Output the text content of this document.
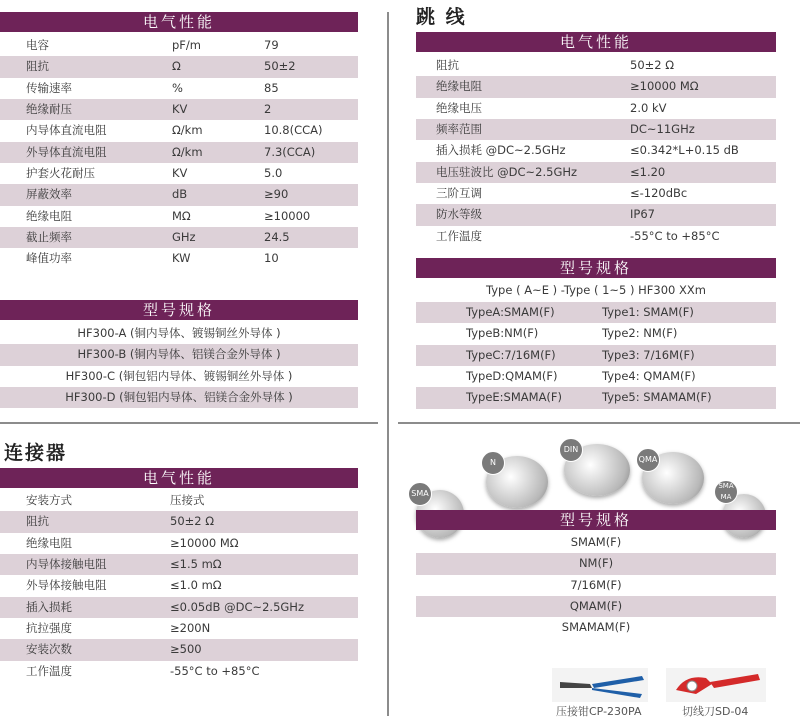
电气性能
电容	pF/m	79
阻抗	Ω	50±2
传输速率	%	85
绝缘耐压	KV	2
内导体直流电阻	Ω/km	10.8(CCA)
外导体直流电阻	Ω/km	7.3(CCA)
护套火花耐压	KV	5.0
屏蔽效率	dB	≥90
绝缘电阻	MΩ	≥10000
截止频率	GHz	24.5
峰值功率	KW	10
型号规格
HF300-A (铜内导体、镀锡铜丝外导体 )
HF300-B (铜内导体、铝镁合金外导体 )
HF300-C (铜包铝内导体、镀锡铜丝外导体 )
HF300-D (铜包铝内导体、铝镁合金外导体 )
跳 线
电气性能
阻抗	50±2 Ω
绝缘电阻	≥10000 MΩ
绝缘电压	2.0 kV
频率范围	DC~11GHz
插入损耗 @DC~2.5GHz	≤0.342*L+0.15 dB
电压驻波比 @DC~2.5GHz	≤1.20
三阶互调	≤-120dBc
防水等级	IP67
工作温度	-55°C to +85°C
型号规格
Type ( A~E ) -Type ( 1~5 ) HF300 XXm
TypeA:SMAM(F)	Type1: SMAM(F)
TypeB:NM(F)	Type2: NM(F)
TypeC:7/16M(F)	Type3: 7/16M(F)
TypeD:QMAM(F)	Type4: QMAM(F)
TypeE:SMAMA(F)	Type5: SMAMAM(F)
连接器
电气性能
安装方式	压接式
阻抗	50±2 Ω
绝缘电阻	≥10000 MΩ
内导体接触电阻	≤1.5 mΩ
外导体接触电阻	≤1.0 mΩ
插入损耗	≤0.05dB @DC~2.5GHz
抗拉强度	≥200N
安装次数	≥500
工作温度	-55°C to +85°C
SMA
N
DIN
QMA
SMA MA
型号规格
SMAM(F)
NM(F)
7/16M(F)
QMAM(F)
SMAMAM(F)
压接钳CP-230PA	切线刀SD-04
